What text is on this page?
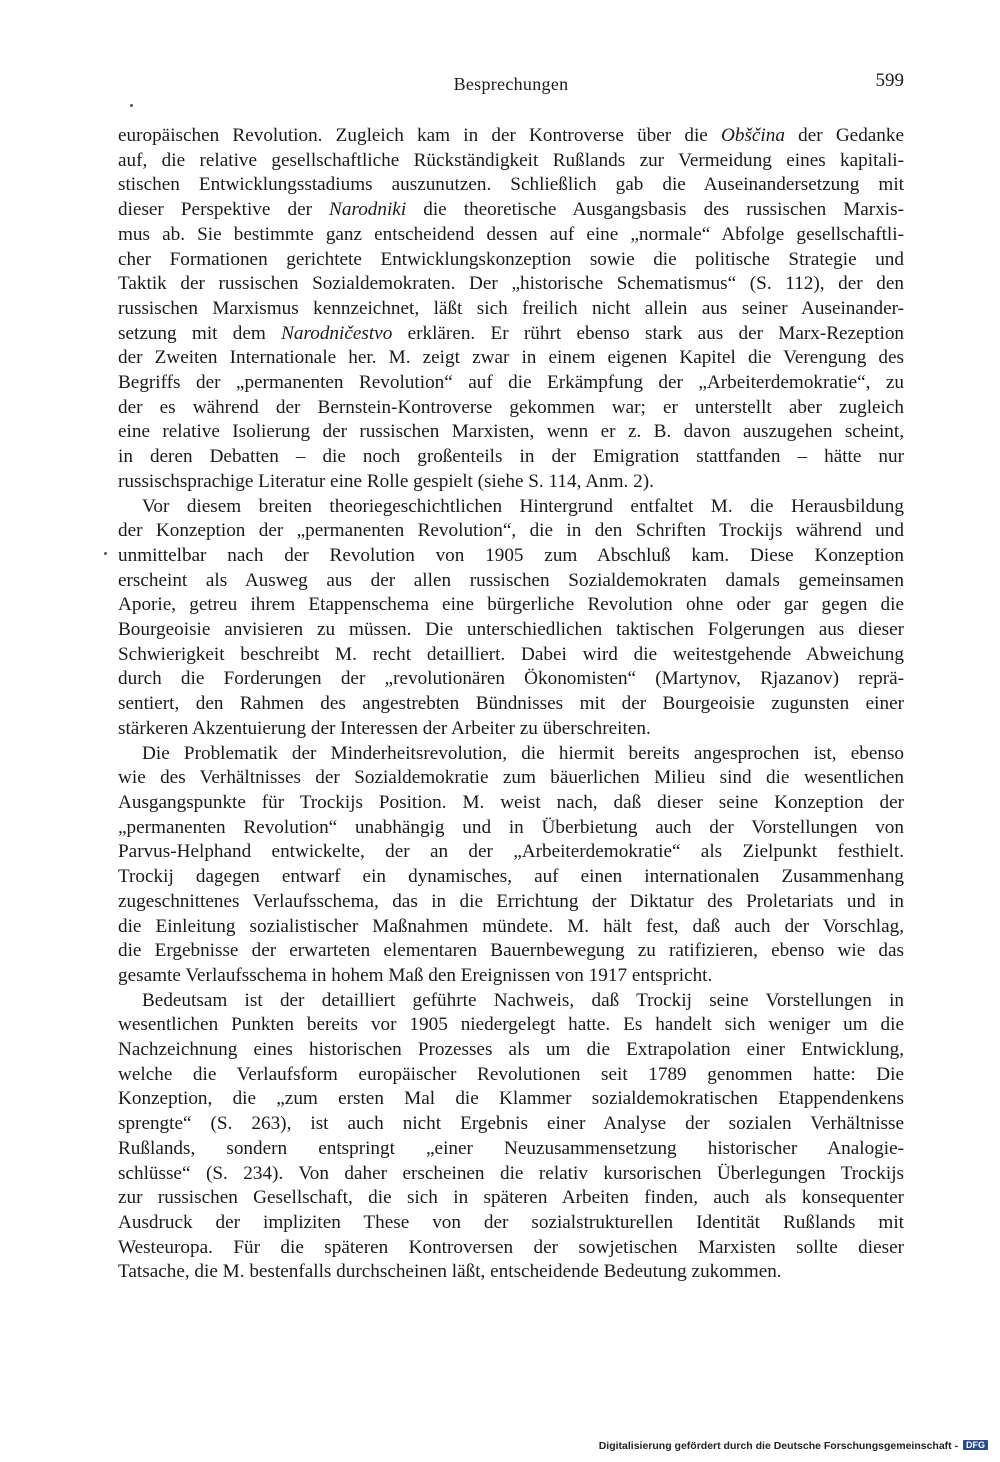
Besprechungen	599
europäischen Revolution. Zugleich kam in der Kontroverse über die Obščina der Gedanke
auf, die relative gesellschaftliche Rückständigkeit Rußlands zur Vermeidung eines kapitali-
stischen Entwicklungsstadiums auszunutzen. Schließlich gab die Auseinandersetzung mit
dieser Perspektive der Narodniki die theoretische Ausgangsbasis des russischen Marxis-
mus ab. Sie bestimmte ganz entscheidend dessen auf eine „normale“ Abfolge gesellschaftli-
cher Formationen gerichtete Entwicklungskonzeption sowie die politische Strategie und
Taktik der russischen Sozialdemokraten. Der „historische Schematismus“ (S. 112), der den
russischen Marxismus kennzeichnet, läßt sich freilich nicht allein aus seiner Auseinander-
setzung mit dem Narodničestvo erklären. Er rührt ebenso stark aus der Marx-Rezeption
der Zweiten Internationale her. M. zeigt zwar in einem eigenen Kapitel die Verengung des
Begriffs der „permanenten Revolution“ auf die Erkämpfung der „Arbeiterdemokratie“, zu
der es während der Bernstein-Kontroverse gekommen war; er unterstellt aber zugleich
eine relative Isolierung der russischen Marxisten, wenn er z. B. davon auszugehen scheint,
in deren Debatten – die noch großenteils in der Emigration stattfanden – hätte nur
russischsprachige Literatur eine Rolle gespielt (siehe S. 114, Anm. 2).
Vor diesem breiten theoriegeschichtlichen Hintergrund entfaltet M. die Herausbildung
der Konzeption der „permanenten Revolution“, die in den Schriften Trockijs während und
unmittelbar nach der Revolution von 1905 zum Abschluß kam. Diese Konzeption
erscheint als Ausweg aus der allen russischen Sozialdemokraten damals gemeinsamen
Aporie, getreu ihrem Etappenschema eine bürgerliche Revolution ohne oder gar gegen die
Bourgeoisie anvisieren zu müssen. Die unterschiedlichen taktischen Folgerungen aus dieser
Schwierigkeit beschreibt M. recht detailliert. Dabei wird die weitestgehende Abweichung
durch die Forderungen der „revolutionären Ökonomisten“ (Martynov, Rjazanov) reprä-
sentiert, den Rahmen des angestrebten Bündnisses mit der Bourgeoisie zugunsten einer
stärkeren Akzentuierung der Interessen der Arbeiter zu überschreiten.
Die Problematik der Minderheitsrevolution, die hiermit bereits angesprochen ist, ebenso
wie des Verhältnisses der Sozialdemokratie zum bäuerlichen Milieu sind die wesentlichen
Ausgangspunkte für Trockijs Position. M. weist nach, daß dieser seine Konzeption der
„permanenten Revolution“ unabhängig und in Überbietung auch der Vorstellungen von
Parvus-Helphand entwickelte, der an der „Arbeiterdemokratie“ als Zielpunkt festhielt.
Trockij dagegen entwarf ein dynamisches, auf einen internationalen Zusammenhang
zugeschnittenes Verlaufsschema, das in die Errichtung der Diktatur des Proletariats und in
die Einleitung sozialistischer Maßnahmen mündete. M. hält fest, daß auch der Vorschlag,
die Ergebnisse der erwarteten elementaren Bauernbewegung zu ratifizieren, ebenso wie das
gesamte Verlaufsschema in hohem Maß den Ereignissen von 1917 entspricht.
Bedeutsam ist der detailliert geführte Nachweis, daß Trockij seine Vorstellungen in
wesentlichen Punkten bereits vor 1905 niedergelegt hatte. Es handelt sich weniger um die
Nachzeichnung eines historischen Prozesses als um die Extrapolation einer Entwicklung,
welche die Verlaufsform europäischer Revolutionen seit 1789 genommen hatte: Die
Konzeption, die „zum ersten Mal die Klammer sozialdemokratischen Etappendenkens
sprengte“ (S. 263), ist auch nicht Ergebnis einer Analyse der sozialen Verhältnisse
Rußlands, sondern entspringt „einer Neuzusammensetzung historischer Analogie-
schlüsse“ (S. 234). Von daher erscheinen die relativ kursorischen Überlegungen Trockijs
zur russischen Gesellschaft, die sich in späteren Arbeiten finden, auch als konsequenter
Ausdruck der impliziten These von der sozialstrukturellen Identität Rußlands mit
Westeuropa. Für die späteren Kontroversen der sowjetischen Marxisten sollte dieser
Tatsache, die M. bestenfalls durchscheinen läßt, entscheidende Bedeutung zukommen.
Digitalisierung gefördert durch die Deutsche Forschungsgemeinschaft - DFG
